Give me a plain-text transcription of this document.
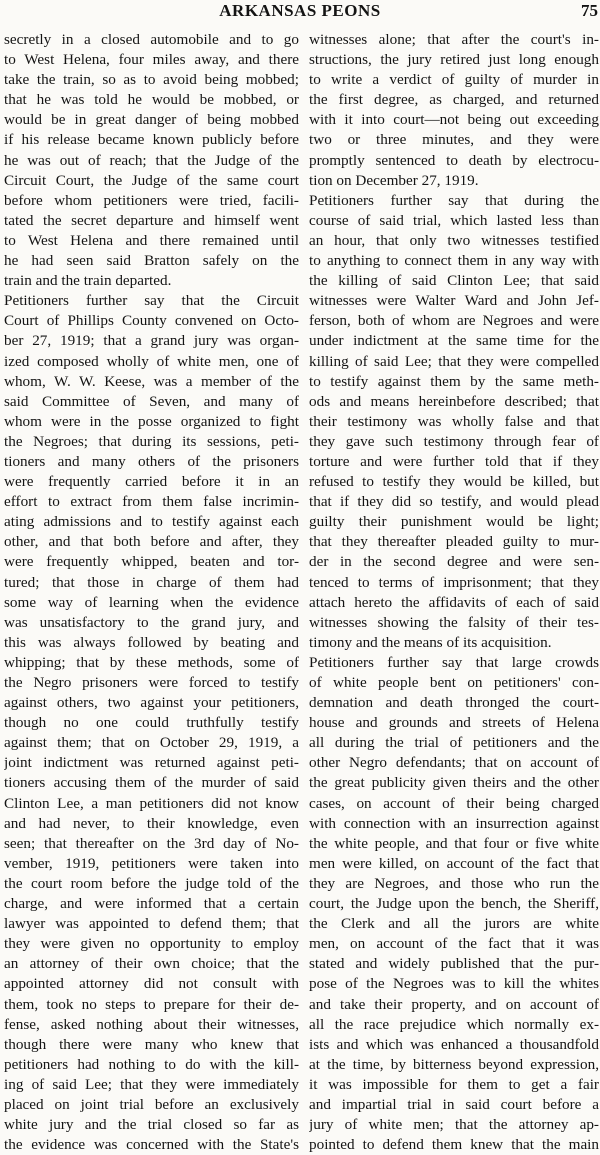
ARKANSAS PEONS	75
secretly in a closed automobile and to go
to West Helena, four miles away, and there
take the train, so as to avoid being mobbed;
that he was told he would be mobbed, or
would be in great danger of being mobbed
if his release became known publicly before
he was out of reach; that the Judge of the
Circuit Court, the Judge of the same court
before whom petitioners were tried, facili-
tated the secret departure and himself went
to West Helena and there remained until
he had seen said Bratton safely on the
train and the train departed.
Petitioners further say that the Circuit
Court of Phillips County convened on Octo-
ber 27, 1919; that a grand jury was organ-
ized composed wholly of white men, one of
whom, W. W. Keese, was a member of the
said Committee of Seven, and many of
whom were in the posse organized to fight
the Negroes; that during its sessions, peti-
tioners and many others of the prisoners
were frequently carried before it in an
effort to extract from them false incrimin-
ating admissions and to testify against each
other, and that both before and after, they
were frequently whipped, beaten and tor-
tured; that those in charge of them had
some way of learning when the evidence
was unsatisfactory to the grand jury, and
this was always followed by beating and
whipping; that by these methods, some of
the Negro prisoners were forced to testify
against others, two against your petitioners,
though no one could truthfully testify
against them; that on October 29, 1919, a
joint indictment was returned against peti-
tioners accusing them of the murder of said
Clinton Lee, a man petitioners did not know
and had never, to their knowledge, even
seen; that thereafter on the 3rd day of No-
vember, 1919, petitioners were taken into
the court room before the judge told of the
charge, and were informed that a certain
lawyer was appointed to defend them; that
they were given no opportunity to employ
an attorney of their own choice; that the
appointed attorney did not consult with
them, took no steps to prepare for their de-
fense, asked nothing about their witnesses,
though there were many who knew that
petitioners had nothing to do with the kill-
ing of said Lee; that they were immediately
placed on joint trial before an exclusively
white jury and the trial closed so far as
the evidence was concerned with the State's
witnesses alone; that after the court's in-
structions, the jury retired just long enough
to write a verdict of guilty of murder in
the first degree, as charged, and returned
with it into court—not being out exceeding
two or three minutes, and they were
promptly sentenced to death by electrocu-
tion on December 27, 1919.
Petitioners further say that during the
course of said trial, which lasted less than
an hour, that only two witnesses testified
to anything to connect them in any way with
the killing of said Clinton Lee; that said
witnesses were Walter Ward and John Jef-
ferson, both of whom are Negroes and were
under indictment at the same time for the
killing of said Lee; that they were compelled
to testify against them by the same meth-
ods and means hereinbefore described; that
their testimony was wholly false and that
they gave such testimony through fear of
torture and were further told that if they
refused to testify they would be killed, but
that if they did so testify, and would plead
guilty their punishment would be light;
that they thereafter pleaded guilty to mur-
der in the second degree and were sen-
tenced to terms of imprisonment; that they
attach hereto the affidavits of each of said
witnesses showing the falsity of their tes-
timony and the means of its acquisition.
Petitioners further say that large crowds
of white people bent on petitioners' con-
demnation and death thronged the court-
house and grounds and streets of Helena
all during the trial of petitioners and the
other Negro defendants; that on account of
the great publicity given theirs and the other
cases, on account of their being charged
with connection with an insurrection against
the white people, and that four or five white
men were killed, on account of the fact that
they are Negroes, and those who run the
court, the Judge upon the bench, the Sheriff,
the Clerk and all the jurors are white
men, on account of the fact that it was
stated and widely published that the pur-
pose of the Negroes was to kill the whites
and take their property, and on account of
all the race prejudice which normally ex-
ists and which was enhanced a thousandfold
at the time, by bitterness beyond expression,
it was impossible for them to get a fair
and impartial trial in said court before a
jury of white men; that the attorney ap-
pointed to defend them knew that the main
